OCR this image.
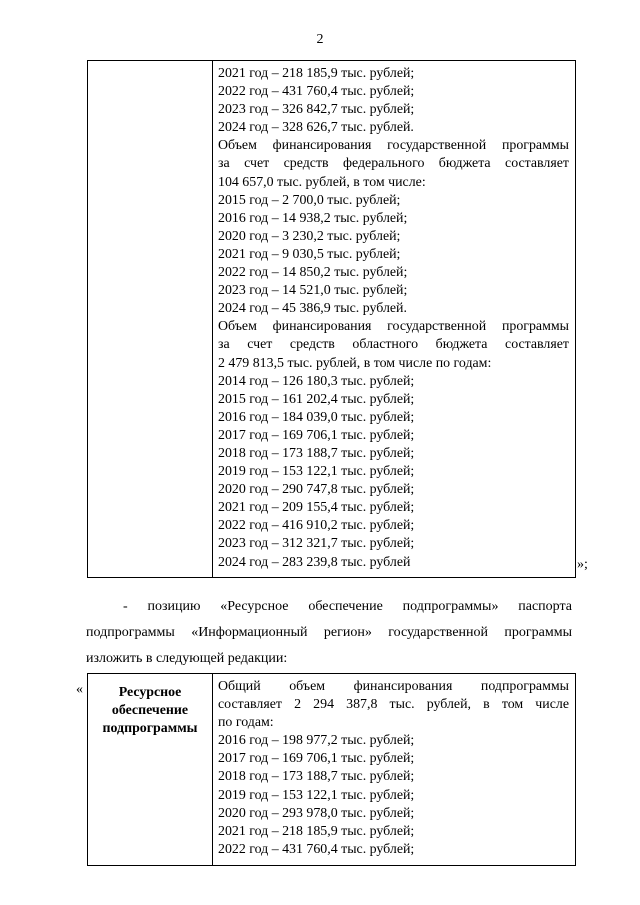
2

2021 год – 218 185,9 тыс. рублей;
2022 год – 431 760,4 тыс. рублей;
2023 год – 326 842,7 тыс. рублей;
2024 год – 328 626,7 тыс. рублей.
Объем финансирования государственной программы
за счет средств федерального бюджета составляет
104 657,0 тыс. рублей, в том числе:
2015 год – 2 700,0 тыс. рублей;
2016 год – 14 938,2 тыс. рублей;
2020 год – 3 230,2 тыс. рублей;
2021 год – 9 030,5 тыс. рублей;
2022 год – 14 850,2 тыс. рублей;
2023 год – 14 521,0 тыс. рублей;
2024 год – 45 386,9 тыс. рублей.
Объем финансирования государственной программы
за счет средств областного бюджета составляет
2 479 813,5 тыс. рублей, в том числе по годам:
2014 год – 126 180,3 тыс. рублей;
2015 год – 161 202,4 тыс. рублей;
2016 год – 184 039,0 тыс. рублей;
2017 год – 169 706,1 тыс. рублей;
2018 год – 173 188,7 тыс. рублей;
2019 год – 153 122,1 тыс. рублей;
2020 год – 290 747,8 тыс. рублей;
2021 год – 209 155,4 тыс. рублей;
2022 год – 416 910,2 тыс. рублей;
2023 год – 312 321,7 тыс. рублей;
2024 год – 283 239,8 тыс. рублей	»;
- позицию «Ресурсное обеспечение подпрограммы» паспорта
подпрограммы «Информационный регион» государственной программы
изложить в следующей редакции:
«	Ресурсное обеспечение подпрограммы	
Общий объем финансирования подпрограммы
составляет 2 294 387,8 тыс. рублей, в том числе
по годам:
2016 год – 198 977,2 тыс. рублей;
2017 год – 169 706,1 тыс. рублей;
2018 год – 173 188,7 тыс. рублей;
2019 год – 153 122,1 тыс. рублей;
2020 год – 293 978,0 тыс. рублей;
2021 год – 218 185,9 тыс. рублей;
2022 год – 431 760,4 тыс. рублей;
